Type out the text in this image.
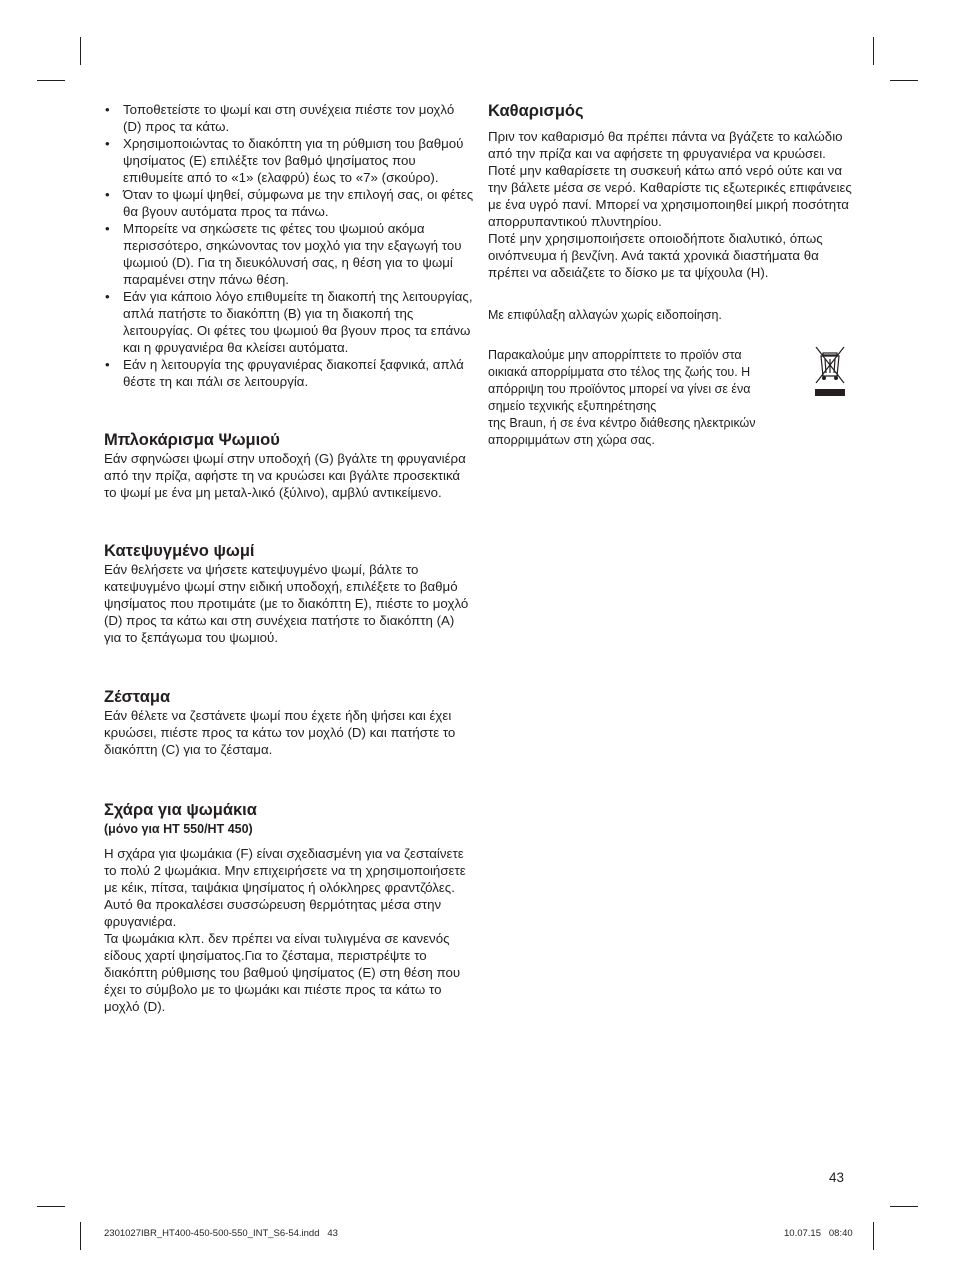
• Τοποθετείστε το ψωμί και στη συνέχεια πιέστε τον μοχλό (D) προς τα κάτω.
• Χρησιμοποιώντας το διακόπτη για τη ρύθμιση του βαθμού ψησίματος (E) επιλέξτε τον βαθμό ψησίματος που επιθυμείτε από το «1» (ελαφρύ) έως το «7» (σκούρο).
• Όταν το ψωμί ψηθεί, σύμφωνα με την επιλογή σας, οι φέτες θα βγουν αυτόματα προς τα πάνω.
• Μπορείτε να σηκώσετε τις φέτες του ψωμιού ακόμα περισσότερο, σηκώνοντας τον μοχλό για την εξαγωγή του ψωμιού (D). Για τη διευκόλυνσή σας, η θέση για το ψωμί παραμένει στην πάνω θέση.
• Εάν για κάποιο λόγο επιθυμείτε τη διακοπή της λειτουργίας, απλά πατήστε το διακόπτη (B) για τη διακοπή της λειτουργίας. Οι φέτες του ψωμιού θα βγουν προς τα επάνω και η φρυγανιέρα θα κλείσει αυτόματα.
• Εάν η λειτουργία της φρυγανιέρας διακοπεί ξαφνικά, απλά θέστε τη και πάλι σε λειτουργία.
Μπλοκάρισμα Ψωμιού

Εάν σφηνώσει ψωμί στην υποδοχή (G) βγάλτε τη φρυγανιέρα από την πρίζα, αφήστε τη να κρυώσει και βγάλτε προσεκτικά το ψωμί με ένα μη μεταλ-λικό (ξύλινο), αμβλύ αντικείμενο.

Κατεψυγμένο ψωμί

Εάν θελήσετε να ψήσετε κατεψυγμένο ψωμί, βάλτε το κατεψυγμένο ψωμί στην ειδική υποδοχή, επιλέξετε το βαθμό ψησίματος που προτιμάτε (με το διακόπτη E), πιέστε το μοχλό (D) προς τα κάτω και στη συνέχεια πατήστε το διακόπτη (A) για το ξεπάγωμα του ψωμιού.

Ζέσταμα

Εάν θέλετε να ζεστάνετε ψωμί που έχετε ήδη ψήσει και έχει κρυώσει, πιέστε προς τα κάτω τον μοχλό (D) και πατήστε το διακόπτη (C) για το ζέσταμα.

Σχάρα για ψωμάκια
(μόνο για HT 550/HT 450)

Η σχάρα για ψωμάκια (F) είναι σχεδιασμένη για να ζεσταίνετε το πολύ 2 ψωμάκια. Μην επιχειρήσετε να τη χρησιμοποιήσετε με κέικ, πίτσα, ταψάκια ψησίματος ή ολόκληρες φραντζόλες. Αυτό θα προκαλέσει συσσώρευση θερμότητας μέσα στην φρυγανιέρα.

Τα ψωμάκια κλπ. δεν πρέπει να είναι τυλιγμένα σε κανενός είδους χαρτί ψησίματος.Για το ζέσταμα, περιστρέψτε το διακόπτη ρύθμισης του βαθμού ψησίματος (E) στη θέση που έχει το σύμβολο με το ψωμάκι και πιέστε προς τα κάτω το μοχλό (D).

Καθαρισμός

Πριν τον καθαρισμό θα πρέπει πάντα να βγάζετε το καλώδιο από την πρίζα και να αφήσετε τη φρυγανιέρα να κρυώσει.

Ποτέ μην καθαρίσετε τη συσκευή κάτω από νερό ούτε και να την βάλετε μέσα σε νερό. Καθαρίστε τις εξωτερικές επιφάνειες με ένα υγρό πανί. Μπορεί να χρησιμοποιηθεί μικρή ποσότητα απορρυπαντικού πλυντηρίου.

Ποτέ μην χρησιμοποιήσετε οποιοδήποτε διαλυτικό, όπως οινόπνευμα ή βενζίνη. Ανά τακτά χρονικά διαστήματα θα πρέπει να αδειάζετε το δίσκο με τα ψίχουλα (H).

Με επιφύλαξη αλλαγών χωρίς ειδοποίηση.

Παρακαλούμε μην απορρίπτετε το προϊόν στα οικιακά απορρίμματα στο τέλος της ζωής του. Η απόρριψη του προϊόντος μπορεί να γίνει σε ένα σημείο τεχνικής εξυπηρέτησης

της Braun, ή σε ένα κέντρο διάθεσης ηλεκτρικών απορριμμάτων στη χώρα σας.

43
2301027IBR_HT400-450-500-550_INT_S6-54.indd   43	10.07.15   08:40
